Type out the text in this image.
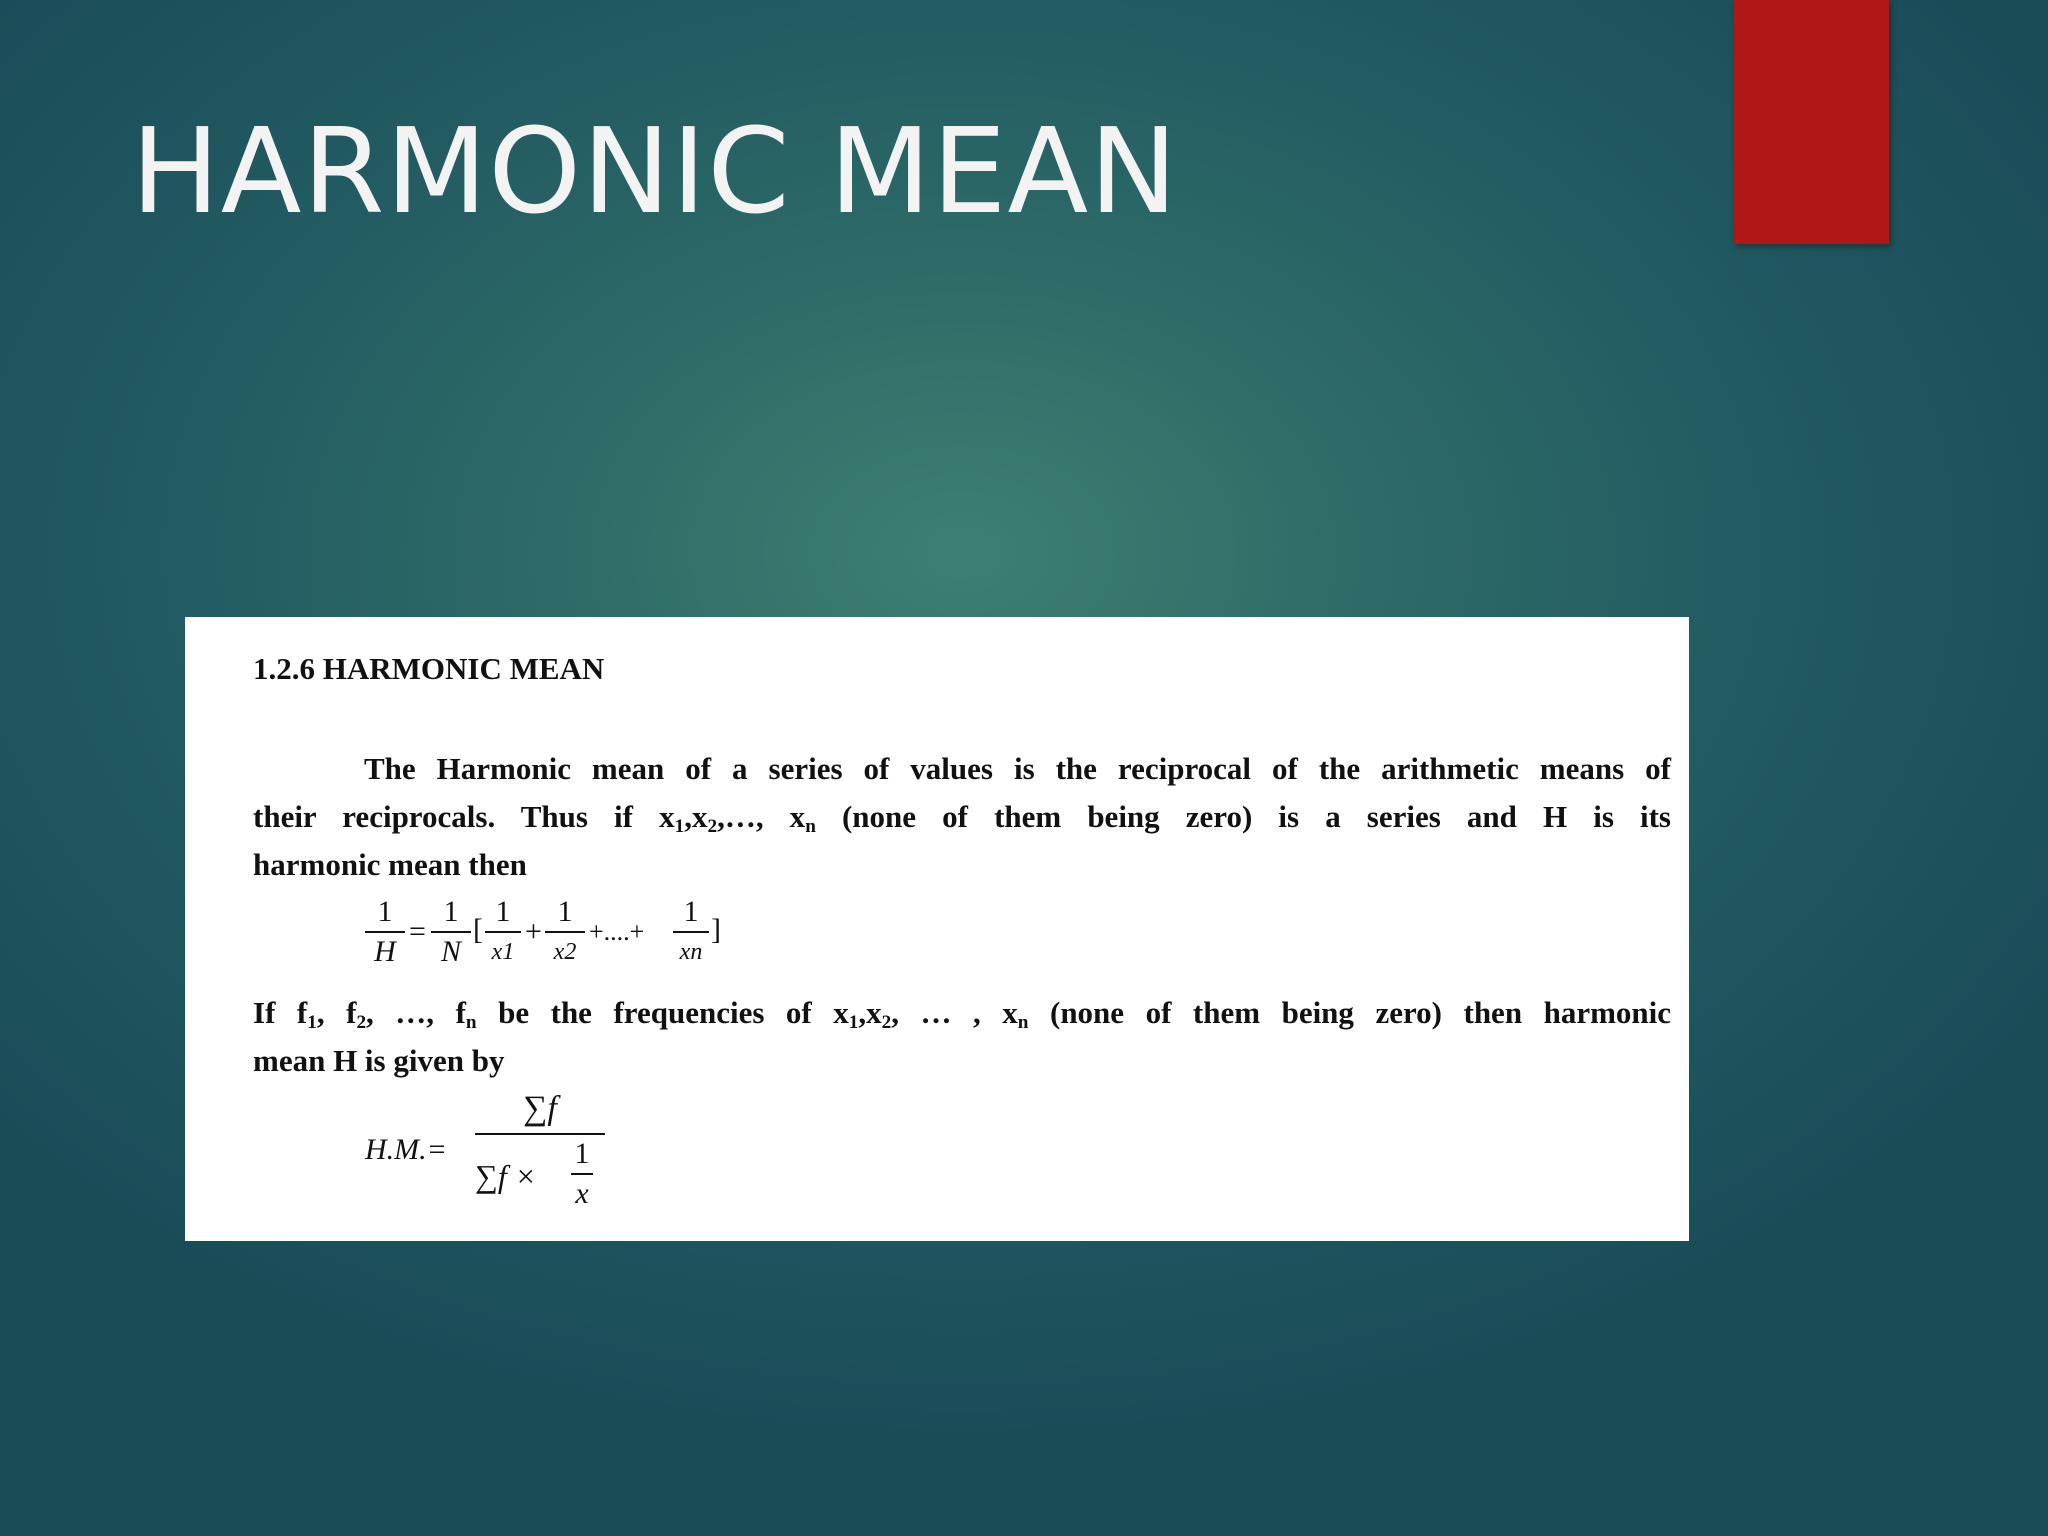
HARMONIC MEAN
1.2.6 HARMONIC MEAN
The Harmonic mean of a series of values is the reciprocal of the arithmetic means of
their reciprocals. Thus if $x_1,x_2,\dots$, $x_n$ (none of them being zero) is a series and H is its
harmonic mean then
1
H
=
1
N
[
1
x1
+
1
x2
+....+
1
xn
]
If $f_1$, $f_2$, …, $f_n$ be the frequencies of $x_1,x_2$, … , $x_n$ (none of them being zero) then harmonic
mean H is given by
H.M.=
∑f
∑f ×
1
x
